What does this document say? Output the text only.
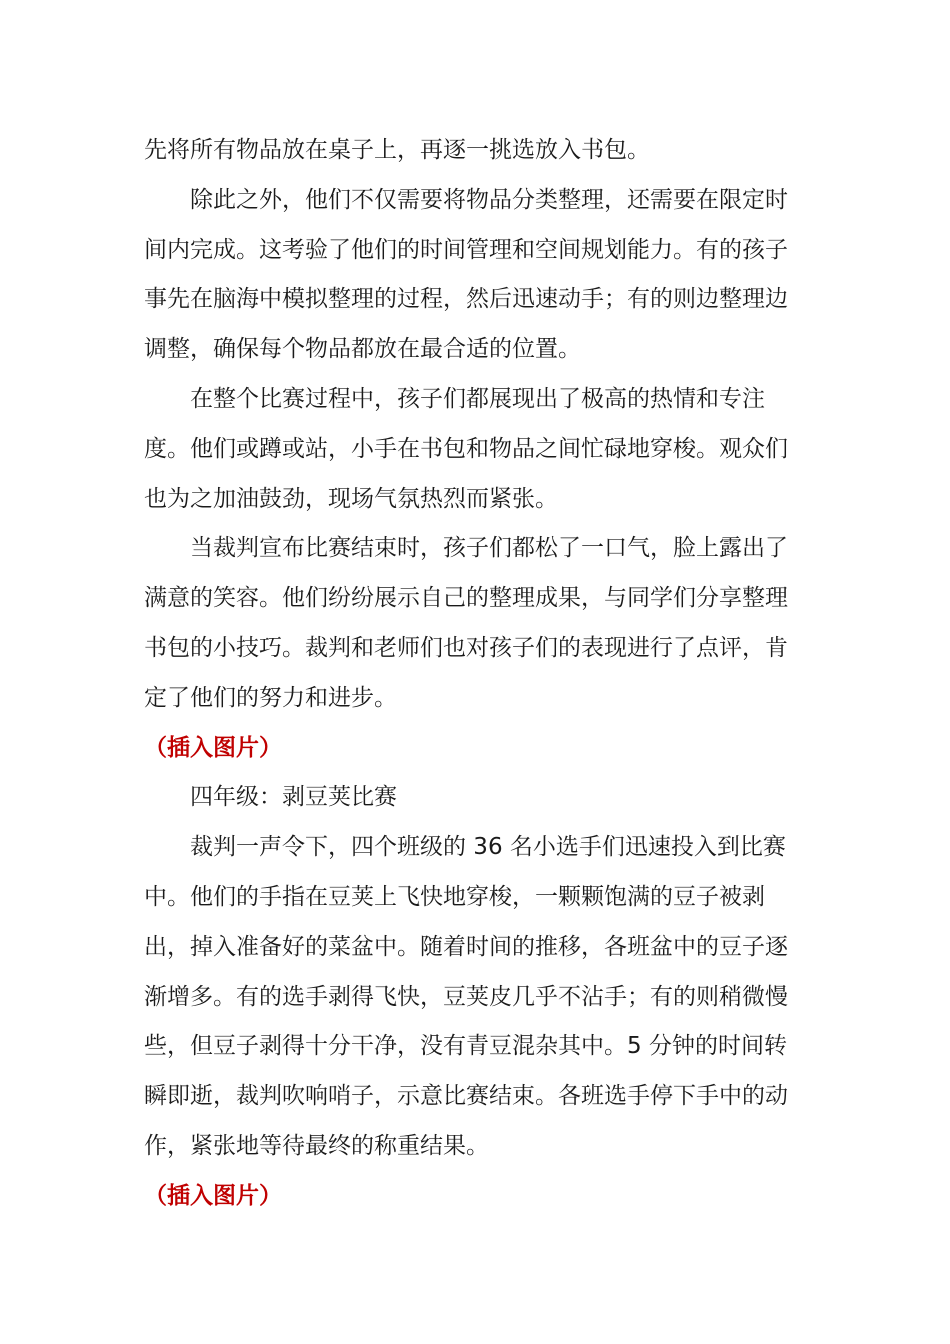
先将所有物品放在桌子上，再逐一挑选放入书包。

除此之外，他们不仅需要将物品分类整理，还需要在限定时间内完成。这考验了他们的时间管理和空间规划能力。有的孩子事先在脑海中模拟整理的过程，然后迅速动手；有的则边整理边调整，确保每个物品都放在最合适的位置。

在整个比赛过程中，孩子们都展现出了极高的热情和专注度。他们或蹲或站，小手在书包和物品之间忙碌地穿梭。观众们也为之加油鼓劲，现场气氛热烈而紧张。

当裁判宣布比赛结束时，孩子们都松了一口气，脸上露出了满意的笑容。他们纷纷展示自己的整理成果，与同学们分享整理书包的小技巧。裁判和老师们也对孩子们的表现进行了点评，肯定了他们的努力和进步。

（插入图片）

四年级：剥豆荚比赛

裁判一声令下，四个班级的 36 名小选手们迅速投入到比赛中。他们的手指在豆荚上飞快地穿梭，一颗颗饱满的豆子被剥出，掉入准备好的菜盆中。随着时间的推移，各班盆中的豆子逐渐增多。有的选手剥得飞快，豆荚皮几乎不沾手；有的则稍微慢些，但豆子剥得十分干净，没有青豆混杂其中。5 分钟的时间转瞬即逝，裁判吹响哨子，示意比赛结束。各班选手停下手中的动作，紧张地等待最终的称重结果。

（插入图片）
